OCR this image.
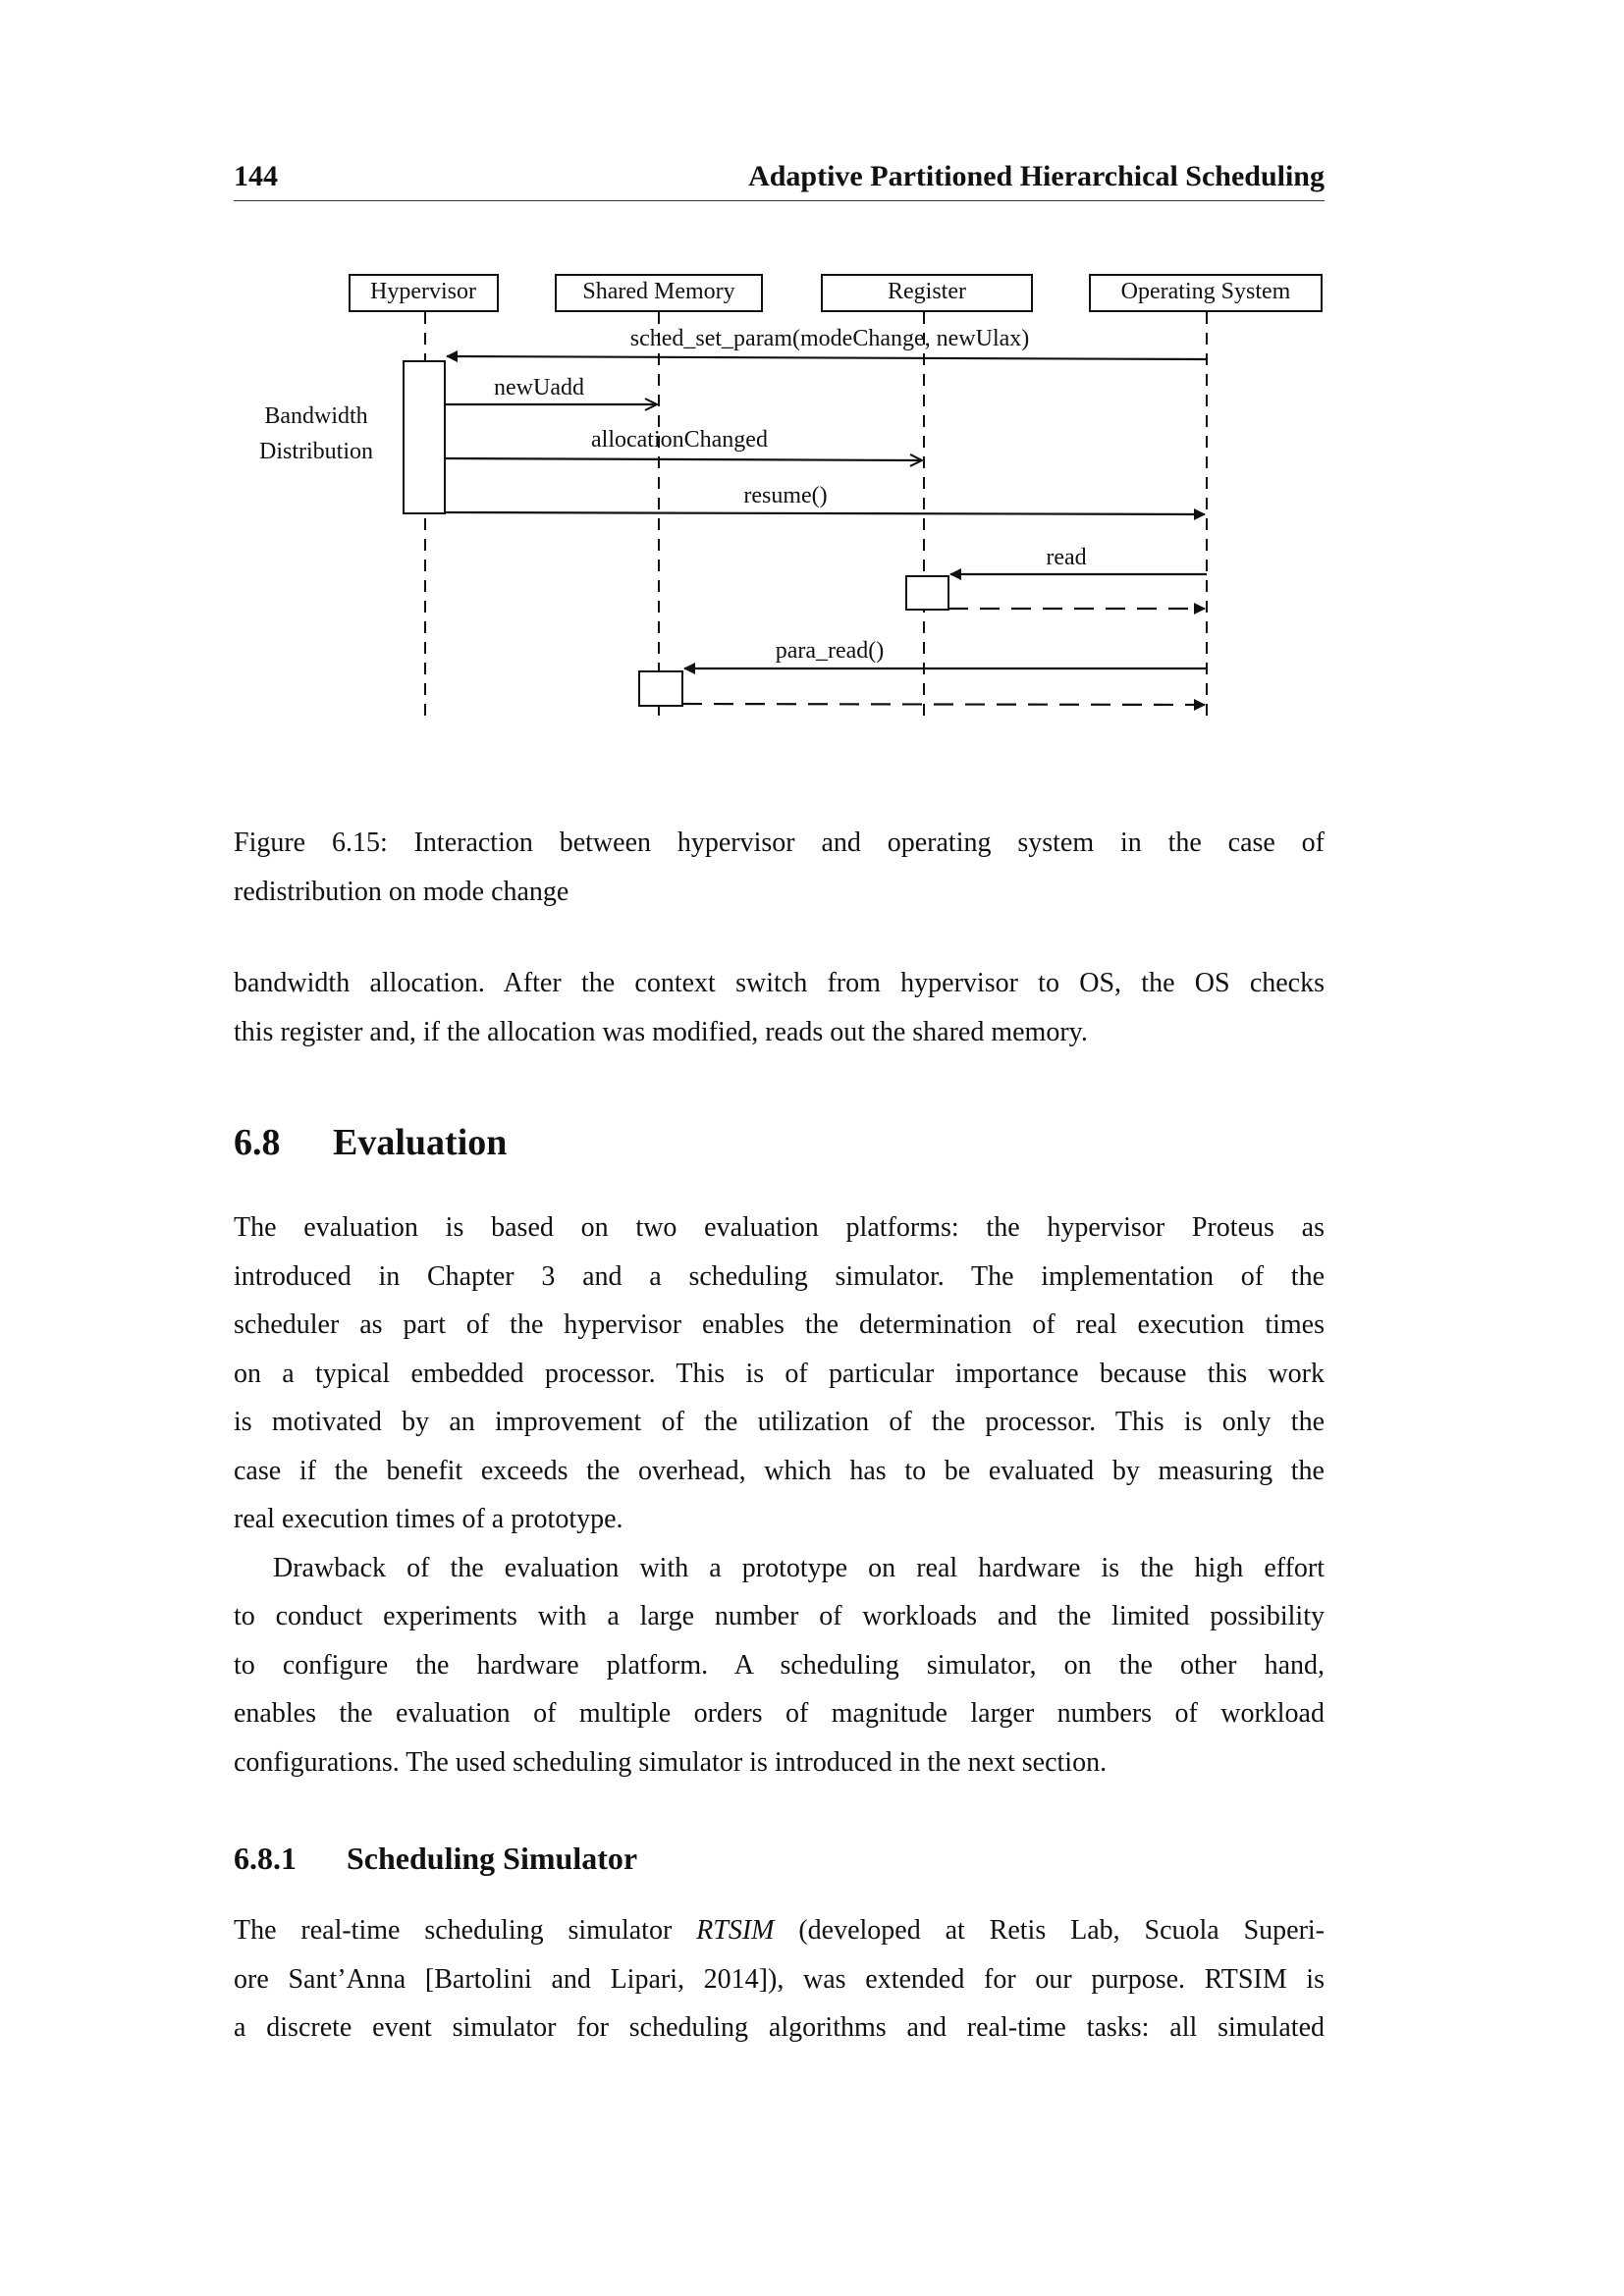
144	Adaptive Partitioned Hierarchical Scheduling
Hypervisor	Shared Memory	Register	Operating System
sched_set_param(modeChange, newUlax)
newUadd
allocationChanged
resume()
read
para_read()
Bandwidth
Distribution
Figure 6.15: Interaction between hypervisor and operating system in the case of
redistribution on mode change
bandwidth allocation. After the context switch from hypervisor to OS, the OS checks
this register and, if the allocation was modified, reads out the shared memory.
6.8 Evaluation
The evaluation is based on two evaluation platforms: the hypervisor Proteus as
introduced in Chapter 3 and a scheduling simulator. The implementation of the
scheduler as part of the hypervisor enables the determination of real execution times
on a typical embedded processor. This is of particular importance because this work
is motivated by an improvement of the utilization of the processor. This is only the
case if the benefit exceeds the overhead, which has to be evaluated by measuring the
real execution times of a prototype.
Drawback of the evaluation with a prototype on real hardware is the high effort
to conduct experiments with a large number of workloads and the limited possibility
to configure the hardware platform. A scheduling simulator, on the other hand,
enables the evaluation of multiple orders of magnitude larger numbers of workload
configurations. The used scheduling simulator is introduced in the next section.
6.8.1 Scheduling Simulator
The real-time scheduling simulator RTSIM (developed at Retis Lab, Scuola Superi-
ore Sant’Anna [Bartolini and Lipari, 2014]), was extended for our purpose. RTSIM is
a discrete event simulator for scheduling algorithms and real-time tasks: all simulated
